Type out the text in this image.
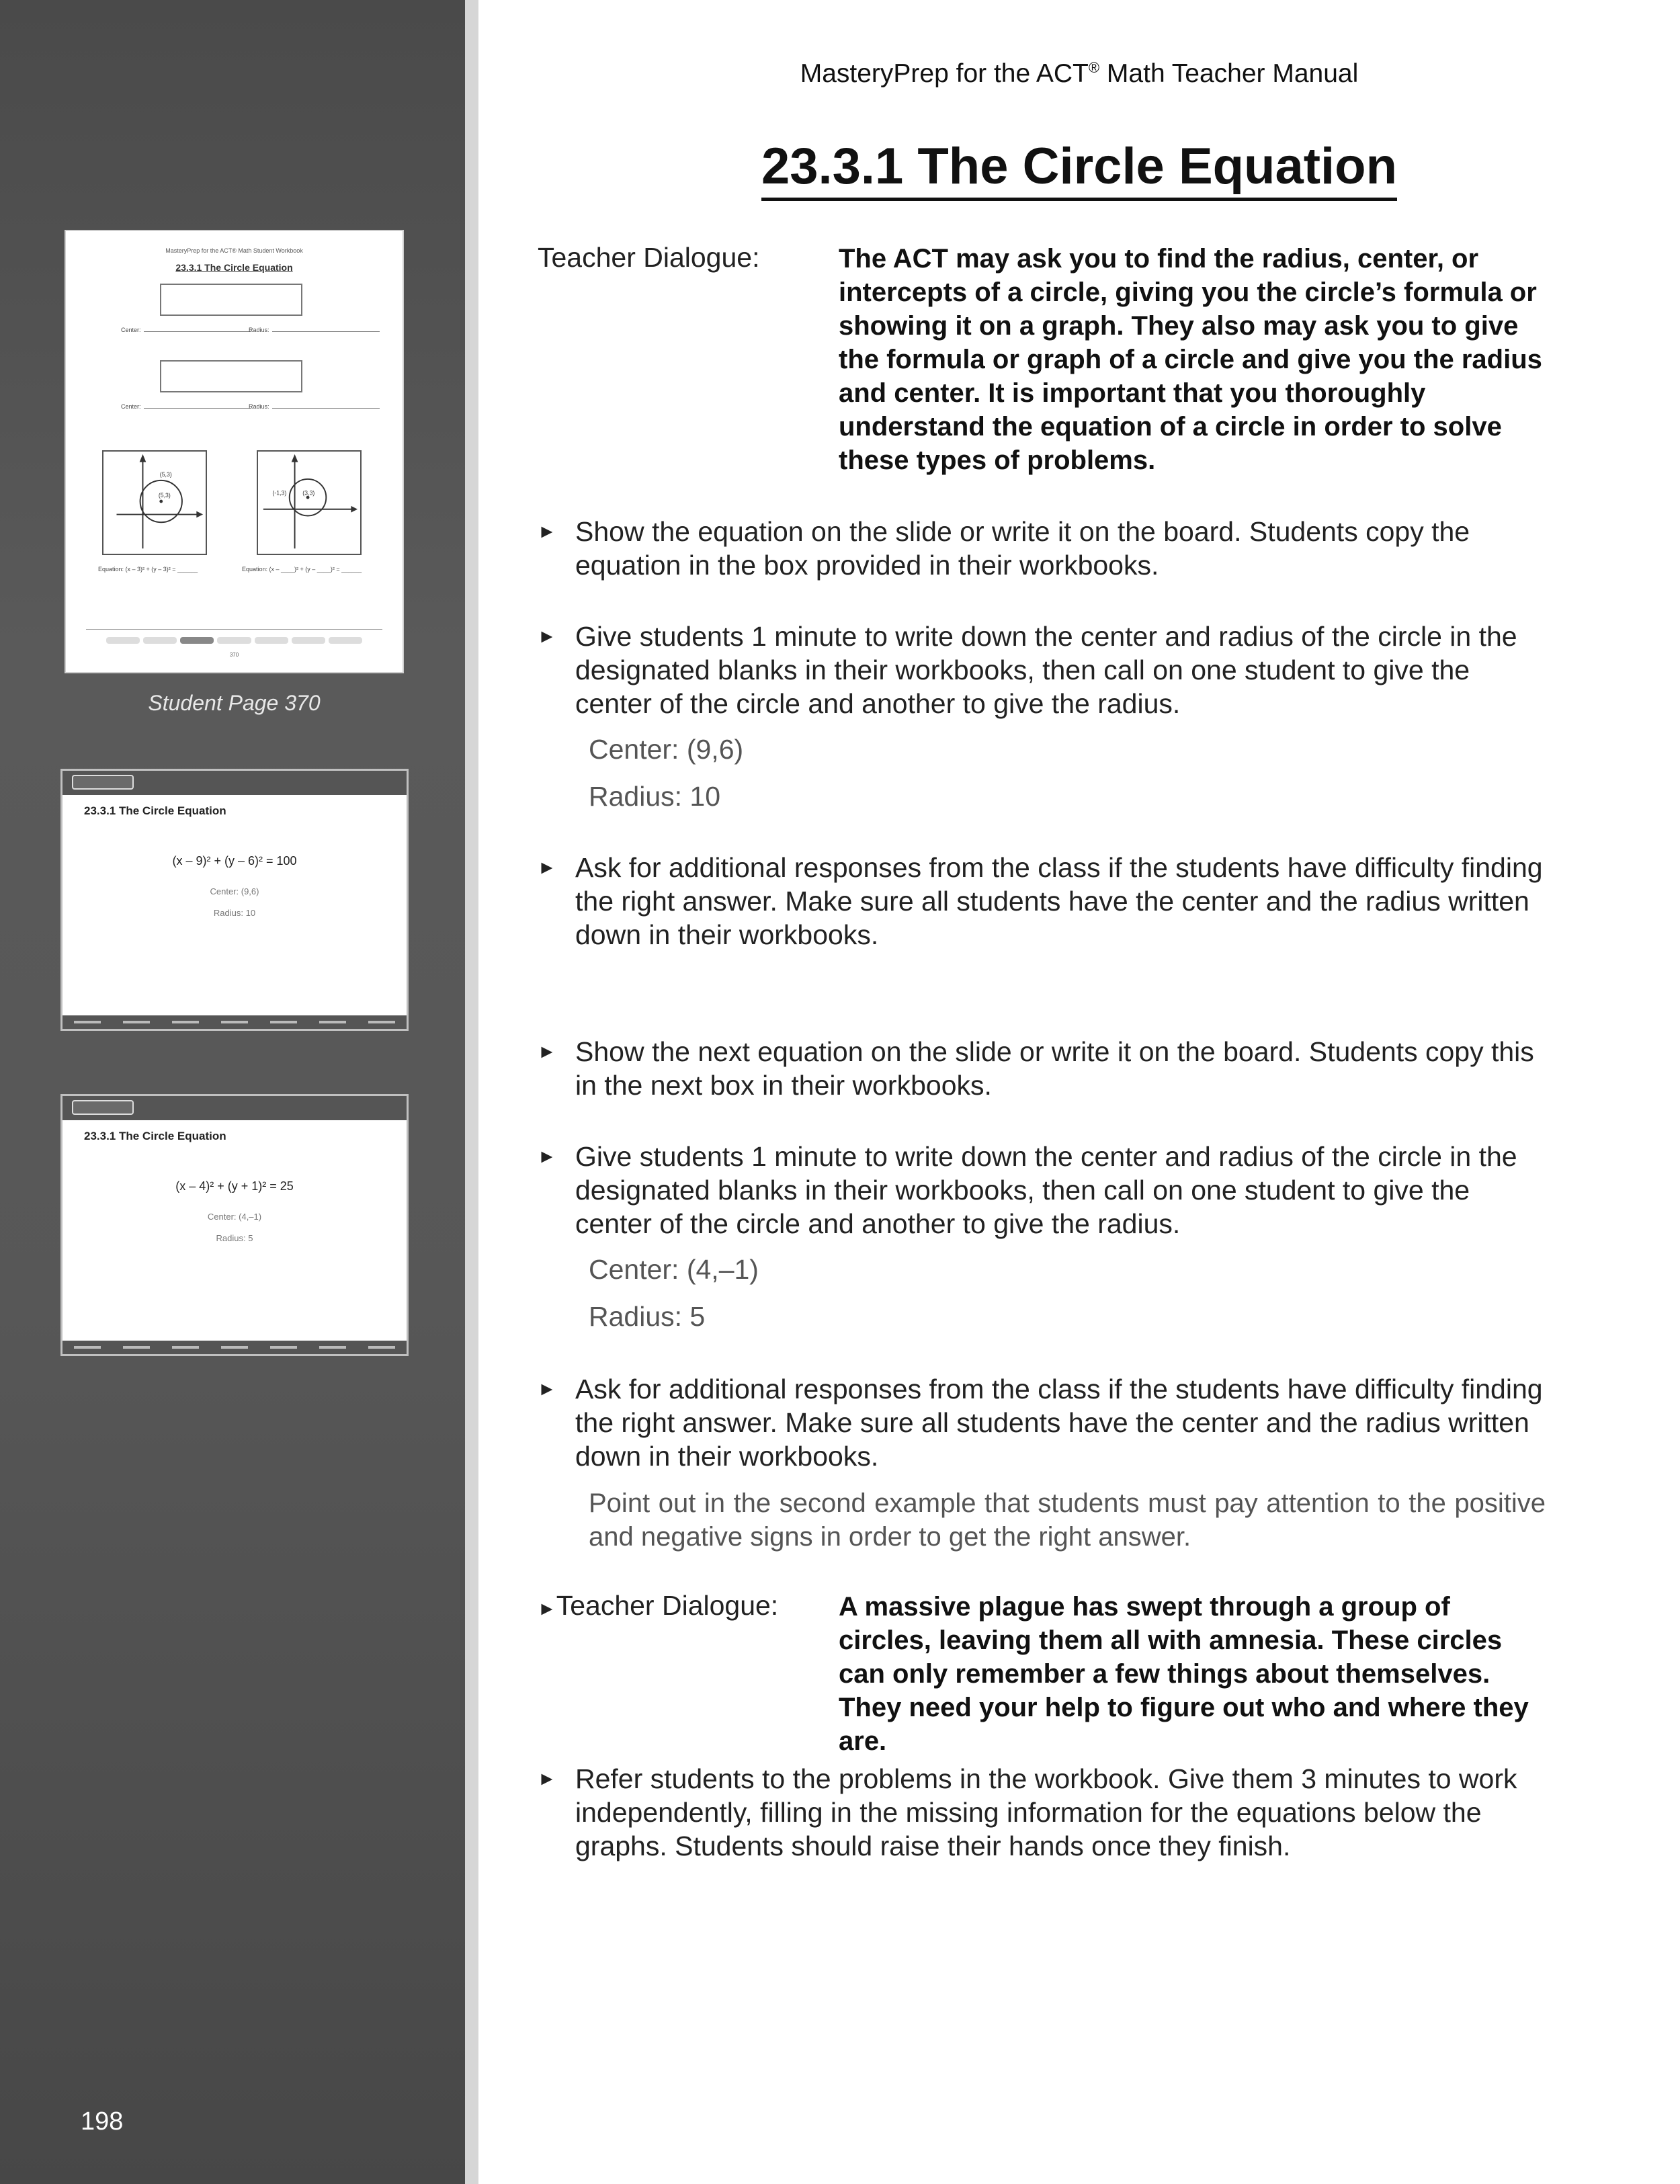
MasteryPrep for the ACT® Math Student Workbook
23.3.1 The Circle Equation
Center:	Radius:
Center:	Radius:
(5,3)
(5,3)	(-1,3)	(3,3)
Equation: (x – 3)² + (y – 3)² = ______	Equation: (x – ____)² + (y – ____)² = ______
370
Student Page 370
23.3.1 The Circle Equation
(x – 9)² + (y – 6)² = 100
Center: (9,6)
Radius: 10
23.3.1 The Circle Equation
(x – 4)² + (y + 1)² = 25
Center: (4,–1)
Radius: 5
198
MasteryPrep for the ACT® Math Teacher Manual
23.3.1 The Circle Equation
Teacher Dialogue:	The ACT may ask you to find the radius, center, or intercepts of a circle, giving you the circle’s formula or showing it on a graph. They also may ask you to give the formula or graph of a circle and give you the radius and center. It is important that you thoroughly understand the equation of a circle in order to solve these types of problems.
► Show the equation on the slide or write it on the board. Students copy the equation in the box provided in their workbooks.
► Give students 1 minute to write down the center and radius of the circle in the designated blanks in their workbooks, then call on one student to give the center of the circle and another to give the radius.
Center: (9,6)
Radius: 10
► Ask for additional responses from the class if the students have difficulty finding the right answer. Make sure all students have the center and the radius written down in their workbooks.
► Show the next equation on the slide or write it on the board. Students copy this in the next box in their workbooks.
► Give students 1 minute to write down the center and radius of the circle in the designated blanks in their workbooks, then call on one student to give the center of the circle and another to give the radius.
Center: (4,–1)
Radius: 5
► Ask for additional responses from the class if the students have difficulty finding the right answer. Make sure all students have the center and the radius written down in their workbooks.
Point out in the second example that students must pay attention to the positive and negative signs in order to get the right answer.
►Teacher Dialogue: A massive plague has swept through a group of circles, leaving them all with amnesia. These circles can only remember a few things about themselves. They need your help to figure out who and where they are.
► Refer students to the problems in the workbook. Give them 3 minutes to work independently, filling in the missing information for the equations below the graphs. Students should raise their hands once they finish.
